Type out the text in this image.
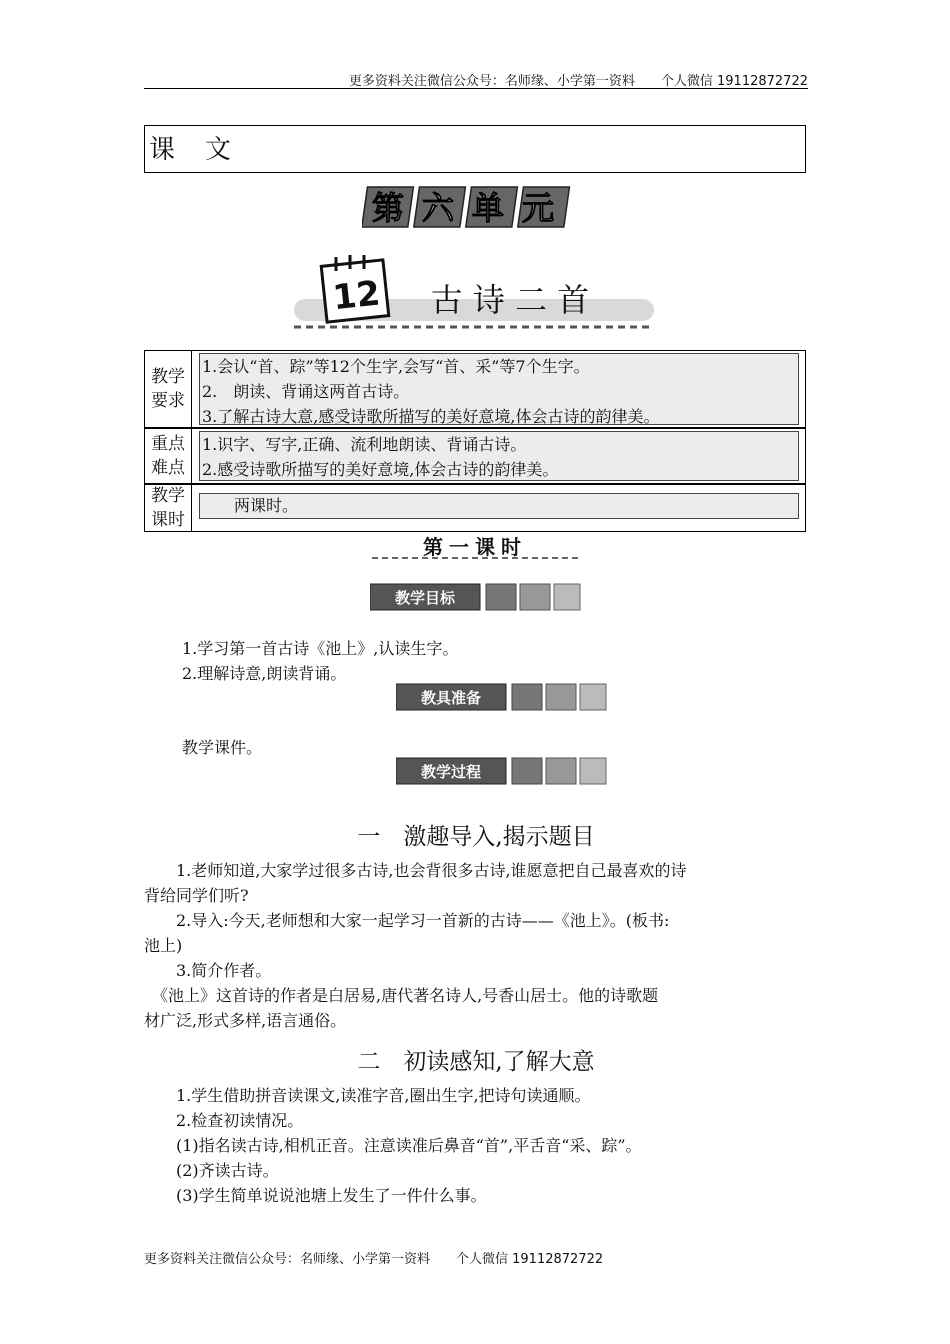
更多资料关注微信公众号：名师缘、小学第一资料　　个人微信 19112872722
课　文
第六单元
12 古 诗 二 首
教学要求
1.会认“首、踪”等12个生字,会写“首、采”等7个生字。
2.　朗读、背诵这两首古诗。
3.了解古诗大意,感受诗歌所描写的美好意境,体会古诗的韵律美。
重点难点
1.识字、写字,正确、流利地朗读、背诵古诗。
2.感受诗歌所描写的美好意境,体会古诗的韵律美。
教学课时
　　两课时。
第一课时
教学目标
1.学习第一首古诗《池上》,认读生字。
2.理解诗意,朗读背诵。
教具准备
教学课件。
教学过程
一　激趣导入,揭示题目
　　1.老师知道,大家学过很多古诗,也会背很多古诗,谁愿意把自己最喜欢的诗
背给同学们听?
　　2.导入:今天,老师想和大家一起学习一首新的古诗——《池上》。(板书:
池上)
　　3.简介作者。
　《池上》这首诗的作者是白居易,唐代著名诗人,号香山居士。他的诗歌题
材广泛,形式多样,语言通俗。
二　初读感知,了解大意
　　1.学生借助拼音读课文,读准字音,圈出生字,把诗句读通顺。
　　2.检查初读情况。
　　(1)指名读古诗,相机正音。注意读准后鼻音“首”,平舌音“采、踪”。
　　(2)齐读古诗。
　　(3)学生简单说说池塘上发生了一件什么事。
更多资料关注微信公众号：名师缘、小学第一资料　　个人微信 19112872722
